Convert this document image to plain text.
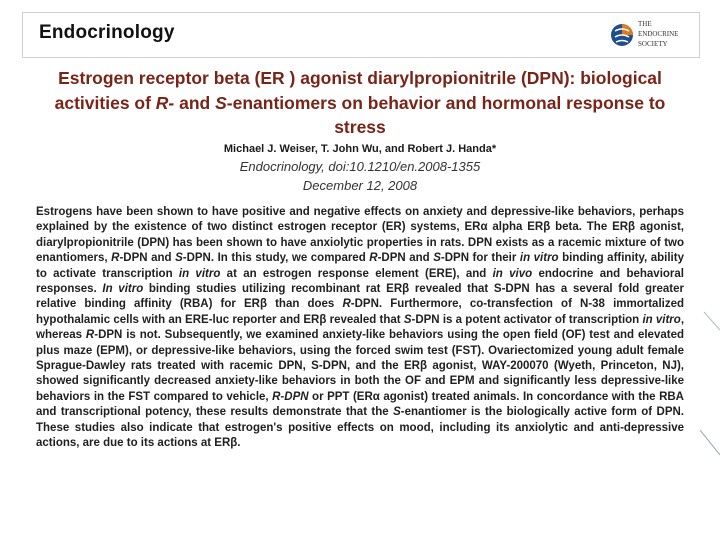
Endocrinology	THE
ENDOCRINE
SOCIETY
Estrogen receptor beta (ER ) agonist diarylpropionitrile (DPN): biological activities of R- and S-enantiomers on behavior and hormonal response to stress
Michael J. Weiser, T. John Wu, and Robert J. Handa*
Endocrinology, doi:10.1210/en.2008-1355
December 12, 2008
Estrogens have been shown to have positive and negative effects on anxiety and depressive-like behaviors, perhaps explained by the existence of two distinct estrogen receptor (ER) systems, ERα alpha ERβ beta. The ERβ agonist, diarylpropionitrile (DPN) has been shown to have anxiolytic properties in rats. DPN exists as a racemic mixture of two enantiomers, R-DPN and S-DPN. In this study, we compared R-DPN and S-DPN for their in vitro binding affinity, ability to activate transcription in vitro at an estrogen response element (ERE), and in vivo endocrine and behavioral responses. In vitro binding studies utilizing recombinant rat ERβ revealed that S-DPN has a several fold greater relative binding affinity (RBA) for ERβ than does R-DPN. Furthermore, co-transfection of N-38 immortalized hypothalamic cells with an ERE-luc reporter and ERβ revealed that S-DPN is a potent activator of transcription in vitro, whereas R-DPN is not. Subsequently, we examined anxiety-like behaviors using the open field (OF) test and elevated plus maze (EPM), or depressive-like behaviors, using the forced swim test (FST). Ovariectomized young adult female Sprague-Dawley rats treated with racemic DPN, S-DPN, and the ERβ agonist, WAY-200070 (Wyeth, Princeton, NJ), showed significantly decreased anxiety-like behaviors in both the OF and EPM and significantly less depressive-like behaviors in the FST compared to vehicle, R-DPN or PPT (ERα agonist) treated animals. In concordance with the RBA and transcriptional potency, these results demonstrate that the S-enantiomer is the biologically active form of DPN. These studies also indicate that estrogen's positive effects on mood, including its anxiolytic and anti-depressive actions, are due to its actions at ERβ.
